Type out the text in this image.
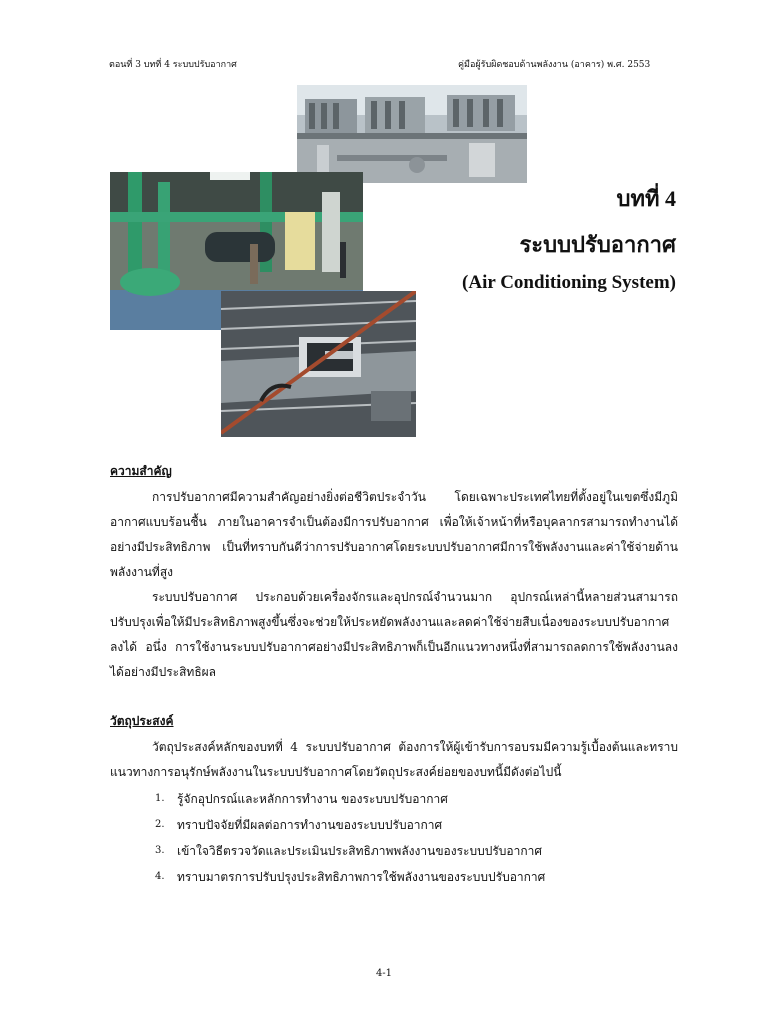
ตอนที่ 3 บทที่ 4 ระบบปรับอากาศ	คู่มือผู้รับผิดชอบด้านพลังงาน (อาคาร) พ.ศ. 2553
บทที่ 4
ระบบปรับอากาศ
(Air Conditioning System)
ความสำคัญ
การปรับอากาศมีความสำคัญอย่างยิ่งต่อชีวิตประจำวัน โดยเฉพาะประเทศไทยที่ตั้งอยู่ในเขตซึ่งมีภูมิอากาศแบบร้อนชื้น ภายในอาคารจำเป็นต้องมีการปรับอากาศ เพื่อให้เจ้าหน้าที่หรือบุคลากรสามารถทำงานได้อย่างมีประสิทธิภาพ เป็นที่ทราบกันดีว่าการปรับอากาศโดยระบบปรับอากาศมีการใช้พลังงานและค่าใช้จ่ายด้านพลังงานที่สูง
ระบบปรับอากาศ ประกอบด้วยเครื่องจักรและอุปกรณ์จำนวนมาก อุปกรณ์เหล่านี้หลายส่วนสามารถปรับปรุงเพื่อให้มีประสิทธิภาพสูงขึ้นซึ่งจะช่วยให้ประหยัดพลังงานและลดค่าใช้จ่ายสืบเนื่องของระบบปรับอากาศลงได้ อนึ่ง การใช้งานระบบปรับอากาศอย่างมีประสิทธิภาพก็เป็นอีกแนวทางหนึ่งที่สามารถลดการใช้พลังงานลงได้อย่างมีประสิทธิผล
วัตถุประสงค์
วัตถุประสงค์หลักของบทที่ 4 ระบบปรับอากาศ ต้องการให้ผู้เข้ารับการอบรมมีความรู้เบื้องต้นและทราบแนวทางการอนุรักษ์พลังงานในระบบปรับอากาศโดยวัตถุประสงค์ย่อยของบทนี้มีดังต่อไปนี้
1.	รู้จักอุปกรณ์และหลักการทำงาน ของระบบปรับอากาศ
2.	ทราบปัจจัยที่มีผลต่อการทำงานของระบบปรับอากาศ
3.	เข้าใจวิธีตรวจวัดและประเมินประสิทธิภาพพลังงานของระบบปรับอากาศ
4.	ทราบมาตรการปรับปรุงประสิทธิภาพการใช้พลังงานของระบบปรับอากาศ
4-1
